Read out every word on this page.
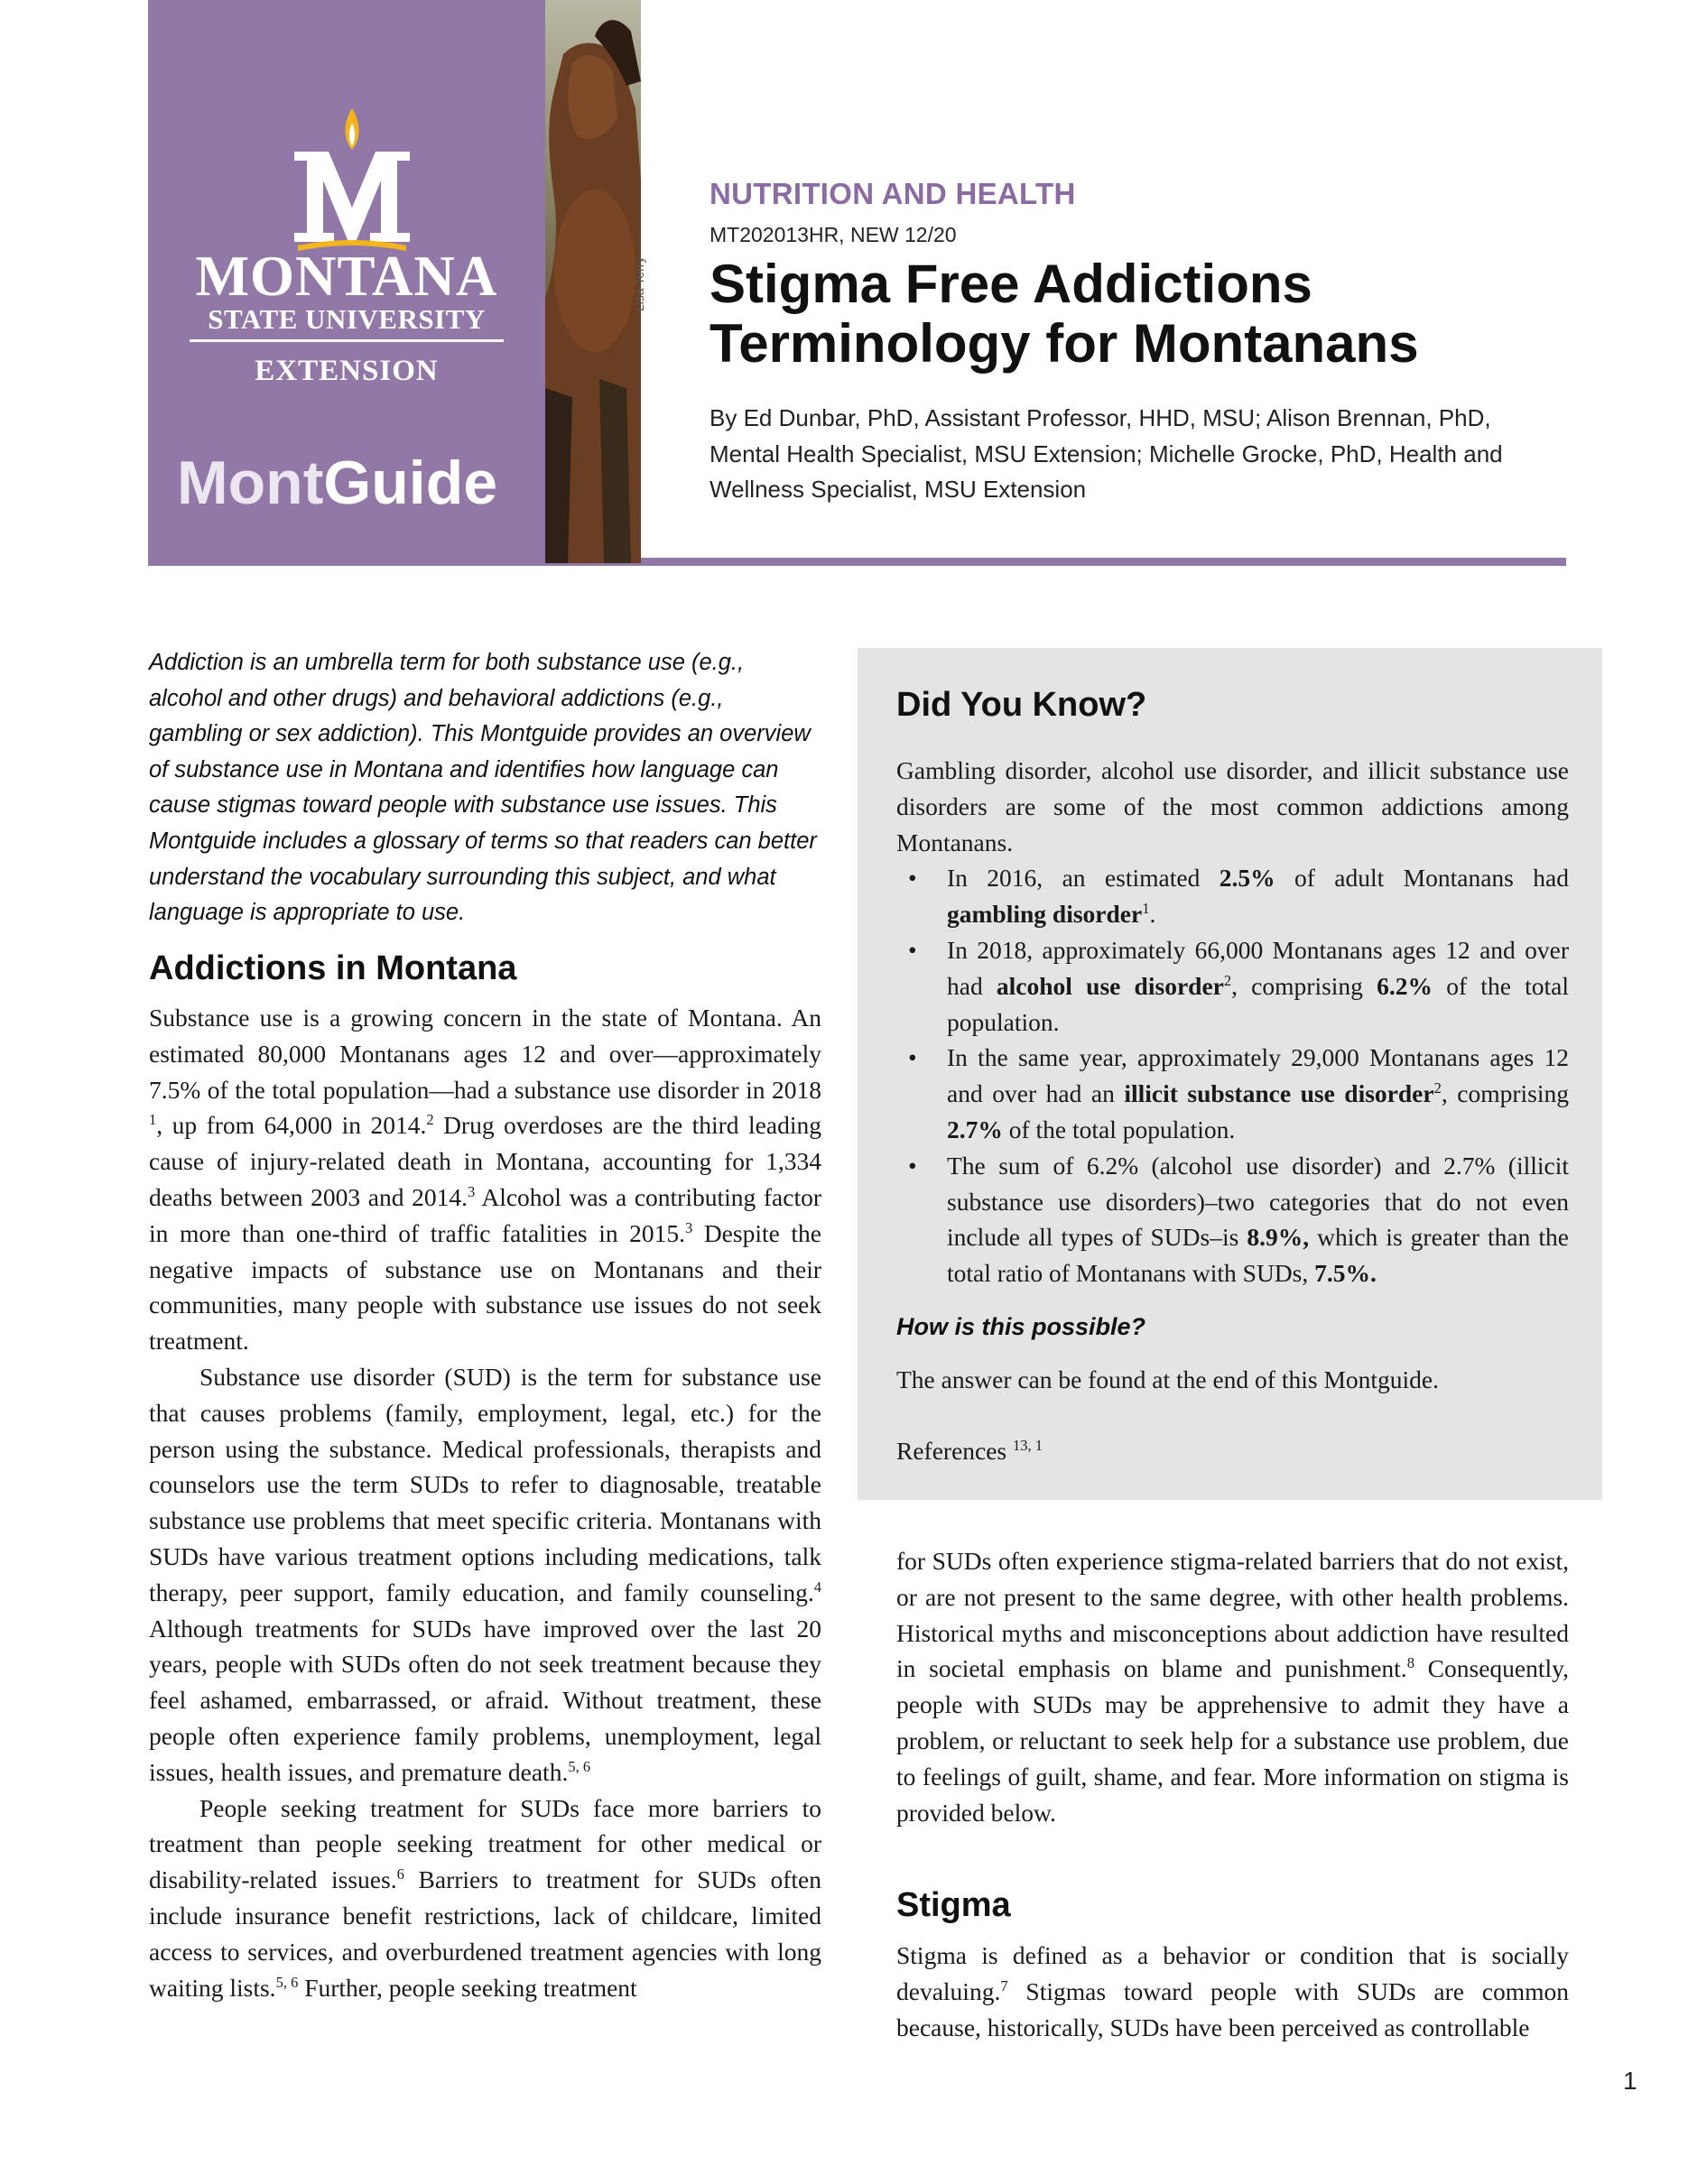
MONTANA
STATE UNIVERSITY
EXTENSION
MontGuide
Lisa Terry
NUTRITION AND HEALTH
MT202013HR, NEW 12/20
Stigma Free Addictions
Terminology for Montanans
By Ed Dunbar, PhD, Assistant Professor, HHD, MSU; Alison Brennan, PhD,
Mental Health Specialist, MSU Extension; Michelle Grocke, PhD, Health and
Wellness Specialist, MSU Extension
Addiction is an umbrella term for both substance use (e.g., alcohol and other drugs) and behavioral addictions (e.g., gambling or sex addiction). This Montguide provides an overview of substance use in Montana and identifies how language can cause stigmas toward people with substance use issues. This Montguide includes a glossary of terms so that readers can better understand the vocabulary surrounding this subject, and what language is appropriate to use.
Addictions in Montana

Substance use is a growing concern in the state of Montana. An estimated 80,000 Montanans ages 12 and over—approximately 7.5% of the total population—had a substance use disorder in 2018 $^1$, up from 64,000 in 2014.$^2$ Drug overdoses are the third leading cause of injury-related death in Montana, accounting for 1,334 deaths between 2003 and 2014.$^3$ Alcohol was a contributing factor in more than one-third of traffic fatalities in 2015.$^3$ Despite the negative impacts of substance use on Montanans and their communities, many people with substance use issues do not seek treatment.

Substance use disorder (SUD) is the term for substance use that causes problems (family, employment, legal, etc.) for the person using the substance. Medical professionals, therapists and counselors use the term SUDs to refer to diagnosable, treatable substance use problems that meet specific criteria. Montanans with SUDs have various treatment options including medications, talk therapy, peer support, family education, and family counseling.$^4$ Although treatments for SUDs have improved over the last 20 years, people with SUDs often do not seek treatment because they feel ashamed, embarrassed, or afraid. Without treatment, these people often experience family problems, unemployment, legal issues, health issues, and premature death.$^{5, 6}$

People seeking treatment for SUDs face more barriers to treatment than people seeking treatment for other medical or disability-related issues.$^6$ Barriers to treatment for SUDs often include insurance benefit restrictions, lack of childcare, limited access to services, and overburdened treatment agencies with long waiting lists.$^{5, 6}$ Further, people seeking treatment

Did You Know?

Gambling disorder, alcohol use disorder, and illicit substance use disorders are some of the most common addictions among Montanans.

• In 2016, an estimated 2.5% of adult Montanans had gambling disorder$^1$.
• In 2018, approximately 66,000 Montanans ages 12 and over had alcohol use disorder$^2$, comprising 6.2% of the total population.
• In the same year, approximately 29,000 Montanans ages 12 and over had an illicit substance use disorder$^2$, comprising 2.7% of the total population.
• The sum of 6.2% (alcohol use disorder) and 2.7% (illicit substance use disorders)–two categories that do not even include all types of SUDs–is 8.9%, which is greater than the total ratio of Montanans with SUDs, 7.5%.
How is this possible?
The answer can be found at the end of this Montguide.
References $^{13, 1}$

for SUDs often experience stigma-related barriers that do not exist, or are not present to the same degree, with other health problems. Historical myths and misconceptions about addiction have resulted in societal emphasis on blame and punishment.$^8$ Consequently, people with SUDs may be apprehensive to admit they have a problem, or reluctant to seek help for a substance use problem, due to feelings of guilt, shame, and fear. More information on stigma is provided below.

Stigma

Stigma is defined as a behavior or condition that is socially devaluing.$^7$ Stigmas toward people with SUDs are common because, historically, SUDs have been perceived as controllable

1
